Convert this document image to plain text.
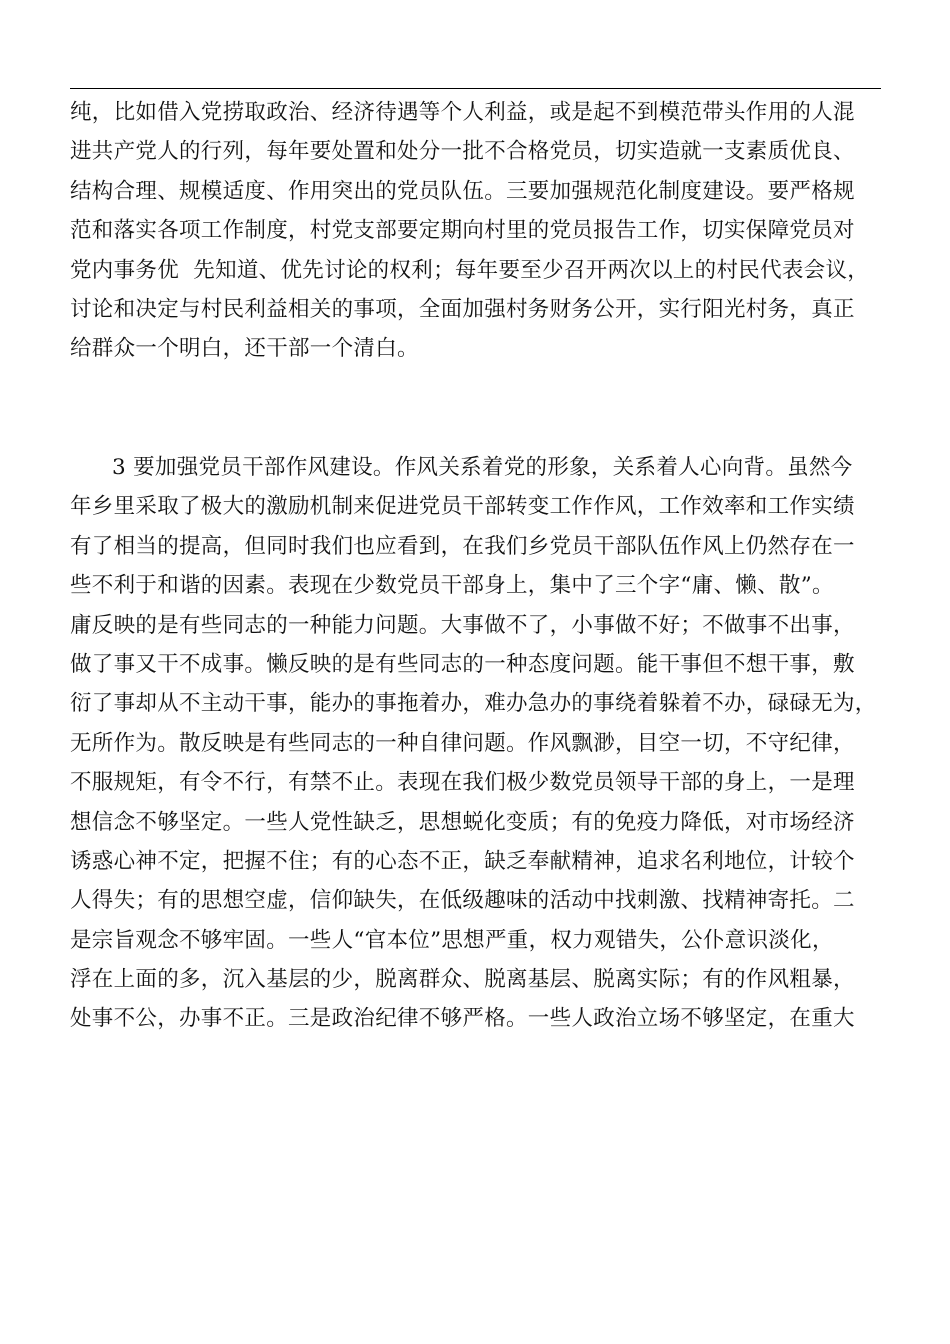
纯，比如借入党捞取政治、经济待遇等个人利益，或是起不到模范带头作用的人混
进共产党人的行列，每年要处置和处分一批不合格党员，切实造就一支素质优良、
结构合理、规模适度、作用突出的党员队伍。三要加强规范化制度建设。要严格规
范和落实各项工作制度，村党支部要定期向村里的党员报告工作，切实保障党员对
党内事务优  先知道、优先讨论的权利；每年要至少召开两次以上的村民代表会议，
讨论和决定与村民利益相关的事项，全面加强村务财务公开，实行阳光村务，真正
给群众一个明白，还干部一个清白。
3 要加强党员干部作风建设。作风关系着党的形象，关系着人心向背。虽然今
年乡里采取了极大的激励机制来促进党员干部转变工作作风，工作效率和工作实绩
有了相当的提高，但同时我们也应看到，在我们乡党员干部队伍作风上仍然存在一
些不利于和谐的因素。表现在少数党员干部身上，集中了三个字“庸、懒、散”。
庸反映的是有些同志的一种能力问题。大事做不了，小事做不好；不做事不出事，
做了事又干不成事。懒反映的是有些同志的一种态度问题。能干事但不想干事，敷
衍了事却从不主动干事，能办的事拖着办，难办急办的事绕着躲着不办，碌碌无为，
无所作为。散反映是有些同志的一种自律问题。作风飘渺，目空一切，不守纪律，
不服规矩，有令不行，有禁不止。表现在我们极少数党员领导干部的身上，一是理
想信念不够坚定。一些人党性缺乏，思想蜕化变质；有的免疫力降低，对市场经济
诱惑心神不定，把握不住；有的心态不正，缺乏奉献精神，追求名利地位，计较个
人得失；有的思想空虚，信仰缺失，在低级趣味的活动中找刺激、找精神寄托。二
是宗旨观念不够牢固。一些人“官本位”思想严重，权力观错失，公仆意识淡化，
浮在上面的多，沉入基层的少，脱离群众、脱离基层、脱离实际；有的作风粗暴，
处事不公，办事不正。三是政治纪律不够严格。一些人政治立场不够坚定，在重大
